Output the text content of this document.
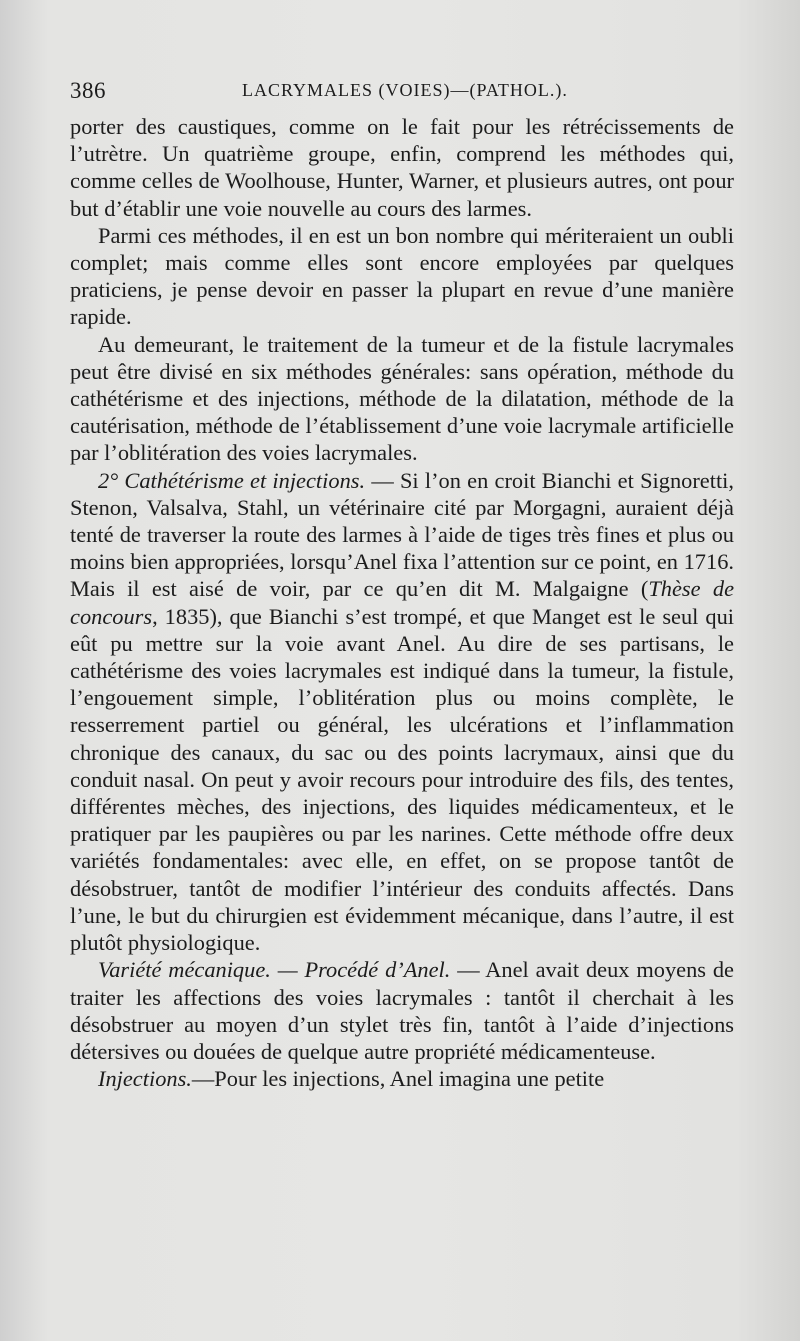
386	LACRYMALES (VOIES)—(PATHOL.).

porter des caustiques, comme on le fait pour les rétrécissements de l’utrètre. Un quatrième groupe, enfin, comprend les méthodes qui, comme celles de Woolhouse, Hunter, Warner, et plusieurs autres, ont pour but d’établir une voie nouvelle au cours des larmes.

Parmi ces méthodes, il en est un bon nombre qui mériteraient un oubli complet; mais comme elles sont encore employées par quelques praticiens, je pense devoir en passer la plupart en revue d’une manière rapide.

Au demeurant, le traitement de la tumeur et de la fistule lacrymales peut être divisé en six méthodes générales: sans opération, méthode du cathétérisme et des injections, méthode de la dilatation, méthode de la cautérisation, méthode de l’établissement d’une voie lacrymale artificielle par l’oblitération des voies lacrymales.

2° Cathétérisme et injections. — Si l’on en croit Bianchi et Signoretti, Stenon, Valsalva, Stahl, un vétérinaire cité par Morgagni, auraient déjà tenté de traverser la route des larmes à l’aide de tiges très fines et plus ou moins bien appropriées, lorsqu’Anel fixa l’attention sur ce point, en 1716. Mais il est aisé de voir, par ce qu’en dit M. Malgaigne (Thèse de concours, 1835), que Bianchi s’est trompé, et que Manget est le seul qui eût pu mettre sur la voie avant Anel. Au dire de ses partisans, le cathétérisme des voies lacrymales est indiqué dans la tumeur, la fistule, l’engouement simple, l’oblitération plus ou moins complète, le resserrement partiel ou général, les ulcérations et l’inflammation chronique des canaux, du sac ou des points lacrymaux, ainsi que du conduit nasal. On peut y avoir recours pour introduire des fils, des tentes, différentes mèches, des injections, des liquides médicamenteux, et le pratiquer par les paupières ou par les narines. Cette méthode offre deux variétés fondamentales: avec elle, en effet, on se propose tantôt de désobstruer, tantôt de modifier l’intérieur des conduits affectés. Dans l’une, le but du chirurgien est évidemment mécanique, dans l’autre, il est plutôt physiologique.

Variété mécanique. — Procédé d’Anel. — Anel avait deux moyens de traiter les affections des voies lacrymales : tantôt il cherchait à les désobstruer au moyen d’un stylet très fin, tantôt à l’aide d’injections détersives ou douées de quelque autre propriété médicamenteuse.

Injections.—Pour les injections, Anel imagina une petite
